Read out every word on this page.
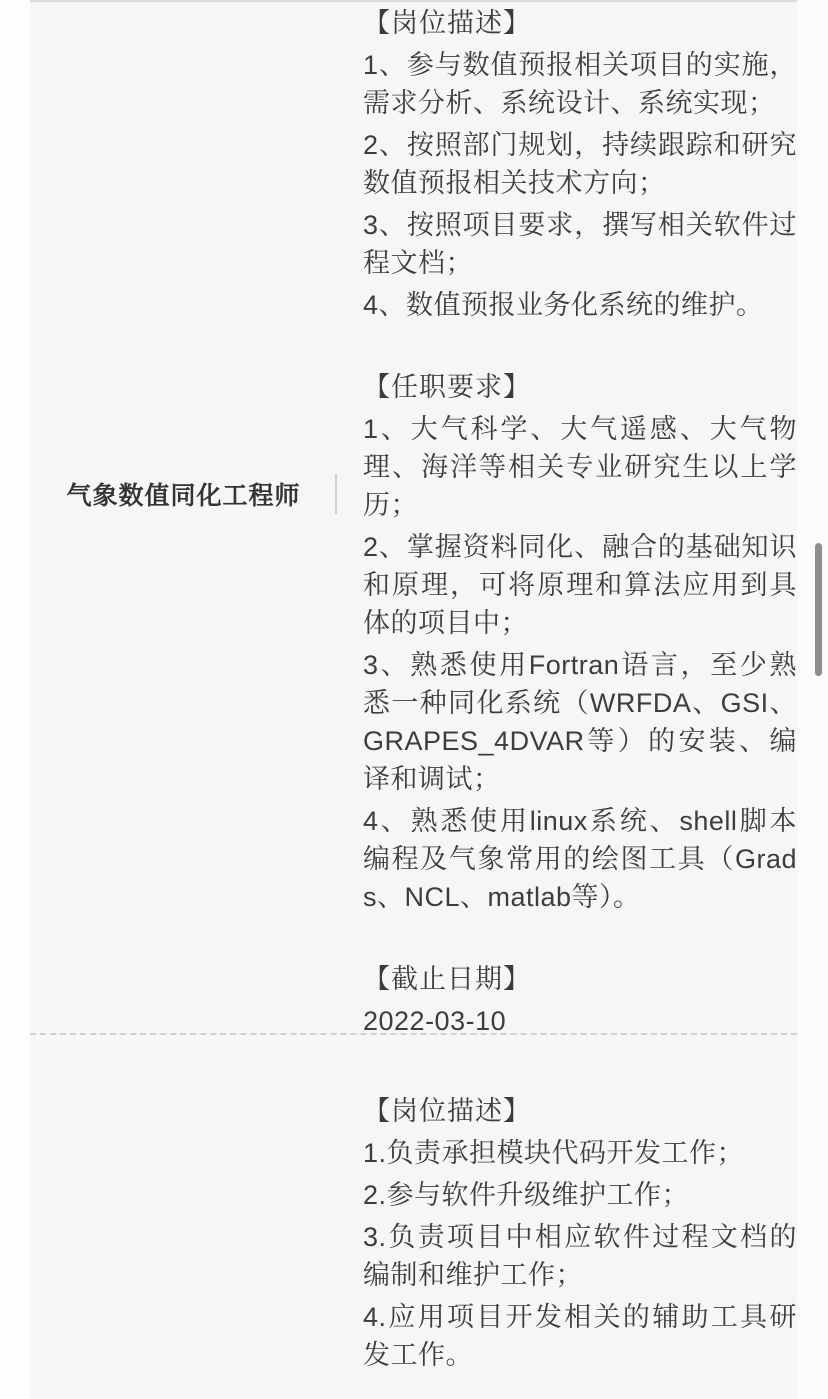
气象数值同化工程师
【岗位描述】

1、参与数值预报相关项目的实施，需求分析、系统设计、系统实现；

2、按照部门规划，持续跟踪和研究数值预报相关技术方向；

3、按照项目要求，撰写相关软件过程文档；

4、数值预报业务化系统的维护。

【任职要求】

1、大气科学、大气遥感、大气物理、海洋等相关专业研究生以上学历；

2、掌握资料同化、融合的基础知识和原理，可将原理和算法应用到具体的项目中；

3、熟悉使用Fortran语言，至少熟悉一种同化系统（WRFDA、GSI、GRAPES_4DVAR等）的安装、编译和调试；

4、熟悉使用linux系统、shell脚本编程及气象常用的绘图工具（Grads、NCL、matlab等）。

【截止日期】

2022-03-10

【岗位描述】

1.负责承担模块代码开发工作；

2.参与软件升级维护工作；

3.负责项目中相应软件过程文档的编制和维护工作；

4.应用项目开发相关的辅助工具研发工作。
